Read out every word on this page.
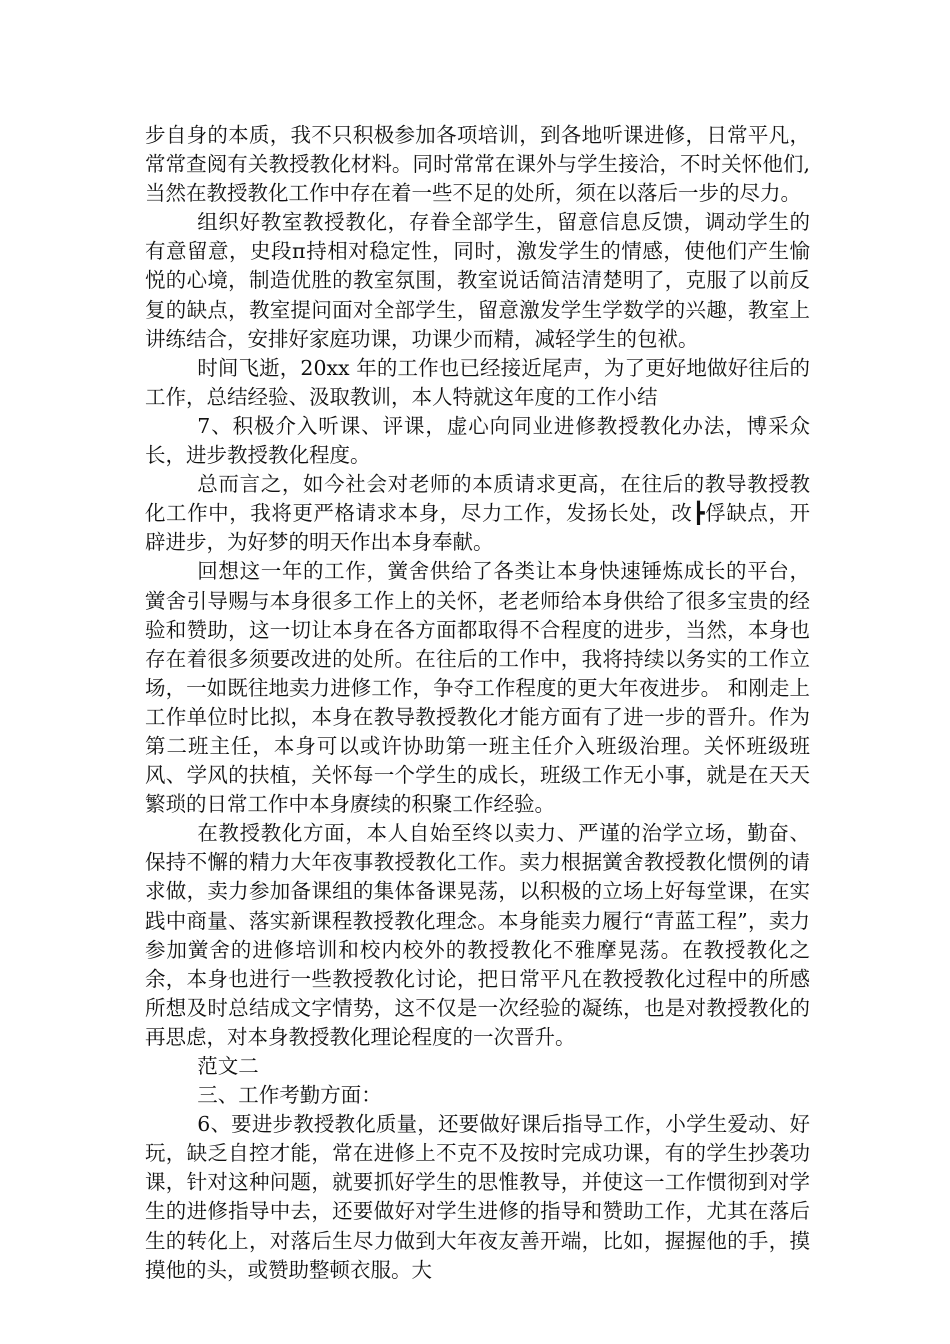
步自身的本质，我不只积极参加各项培训，到各地听课进修，日常平凡，常常查阅有关教授教化材料。同时常常在课外与学生接洽，不时关怀他们,当然在教授教化工作中存在着一些不足的处所，须在以落后一步的尽力。

组织好教室教授教化，存眷全部学生，留意信息反馈，调动学生的有意留意，史段п持相对稳定性，同时，激发学生的情感，使他们产生愉悦的心境，制造优胜的教室氛围，教室说话简洁清楚明了，克服了以前反复的缺点，教室提问面对全部学生，留意激发学生学数学的兴趣，教室上讲练结合，安排好家庭功课，功课少而精，减轻学生的包袱。

时间飞逝，20xx 年的工作也已经接近尾声，为了更好地做好往后的工作，总结经验、汲取教训，本人特就这年度的工作小结

7、积极介入听课、评课，虚心向同业进修教授教化办法，博采众长，进步教授教化程度。

总而言之，如今社会对老师的本质请求更高，在往后的教导教授教化工作中，我将更严格请求本身，尽力工作，发扬长处，改┣俘缺点，开辟进步，为好梦的明天作出本身奉献。

回想这一年的工作，黉舍供给了各类让本身快速锤炼成长的平台，黉舍引导赐与本身很多工作上的关怀，老老师给本身供给了很多宝贵的经验和赞助，这一切让本身在各方面都取得不合程度的进步，当然，本身也存在着很多须要改进的处所。在往后的工作中，我将持续以务实的工作立场，一如既往地卖力进修工作，争夺工作程度的更大年夜进步。 和刚走上工作单位时比拟，本身在教导教授教化才能方面有了进一步的晋升。作为第二班主任，本身可以或许协助第一班主任介入班级治理。关怀班级班风、学风的扶植，关怀每一个学生的成长，班级工作无小事，就是在天天繁琐的日常工作中本身赓续的积聚工作经验。

在教授教化方面，本人自始至终以卖力、严谨的治学立场，勤奋、保持不懈的精力大年夜事教授教化工作。卖力根据黉舍教授教化惯例的请求做，卖力参加备课组的集体备课晃荡，以积极的立场上好每堂课，在实践中商量、落实新课程教授教化理念。本身能卖力履行“青蓝工程”，卖力参加黉舍的进修培训和校内校外的教授教化不雅摩晃荡。在教授教化之余，本身也进行一些教授教化讨论，把日常平凡在教授教化过程中的所感所想及时总结成文字情势，这不仅是一次经验的凝练，也是对教授教化的再思虑，对本身教授教化理论程度的一次晋升。

范文二

三、工作考勤方面：

6、要进步教授教化质量，还要做好课后指导工作，小学生爱动、好玩，缺乏自控才能，常在进修上不克不及按时完成功课，有的学生抄袭功课，针对这种问题，就要抓好学生的思惟教导，并使这一工作惯彻到对学生的进修指导中去，还要做好对学生进修的指导和赞助工作，尤其在落后生的转化上，对落后生尽力做到大年夜友善开端，比如，握握他的手，摸摸他的头，或赞助整顿衣服。大
